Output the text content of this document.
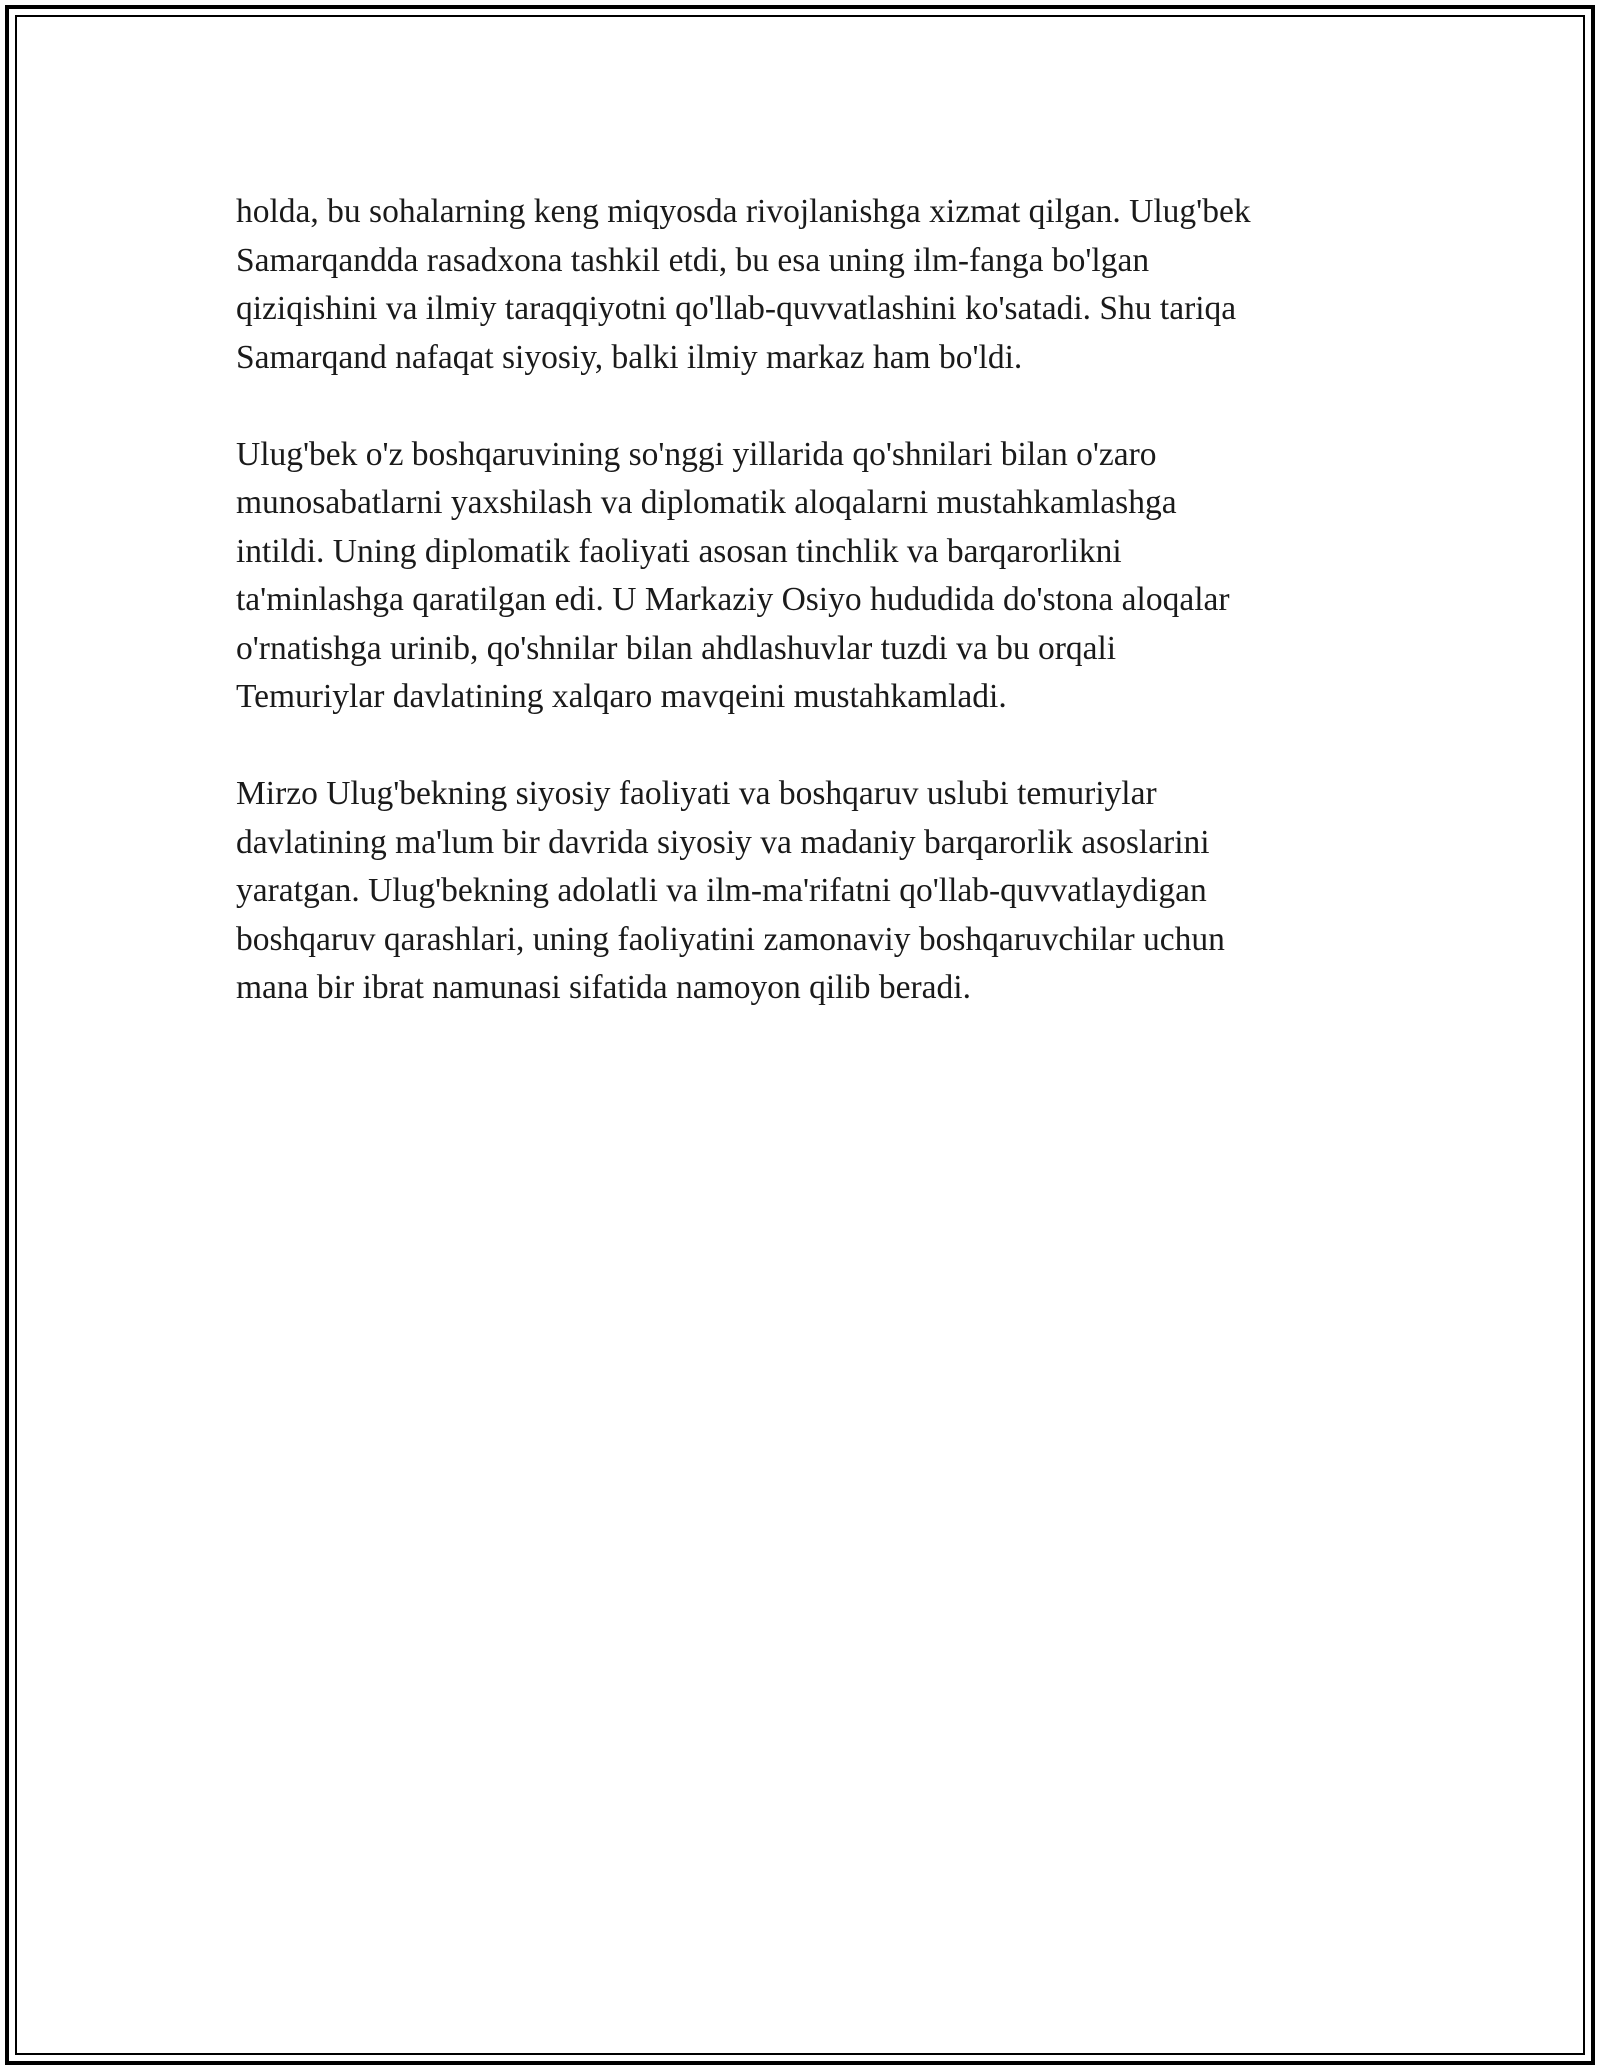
holda, bu sohalarning keng miqyosda rivojlanishga xizmat qilgan. Ulug'bek
Samarqandda rasadxona tashkil etdi, bu esa uning ilm-fanga bo'lgan
qiziqishini va ilmiy taraqqiyotni qo'llab-quvvatlashini ko'satadi. Shu tariqa
Samarqand nafaqat siyosiy, balki ilmiy markaz ham bo'ldi.

Ulug'bek o'z boshqaruvining so'nggi yillarida qo'shnilari bilan o'zaro
munosabatlarni yaxshilash va diplomatik aloqalarni mustahkamlashga
intildi. Uning diplomatik faoliyati asosan tinchlik va barqarorlikni
ta'minlashga qaratilgan edi. U Markaziy Osiyo hududida do'stona aloqalar
o'rnatishga urinib, qo'shnilar bilan ahdlashuvlar tuzdi va bu orqali
Temuriylar davlatining xalqaro mavqeini mustahkamladi.

Mirzo Ulug'bekning siyosiy faoliyati va boshqaruv uslubi temuriylar
davlatining ma'lum bir davrida siyosiy va madaniy barqarorlik asoslarini
yaratgan. Ulug'bekning adolatli va ilm-ma'rifatni qo'llab-quvvatlaydigan
boshqaruv qarashlari, uning faoliyatini zamonaviy boshqaruvchilar uchun
mana bir ibrat namunasi sifatida namoyon qilib beradi.
